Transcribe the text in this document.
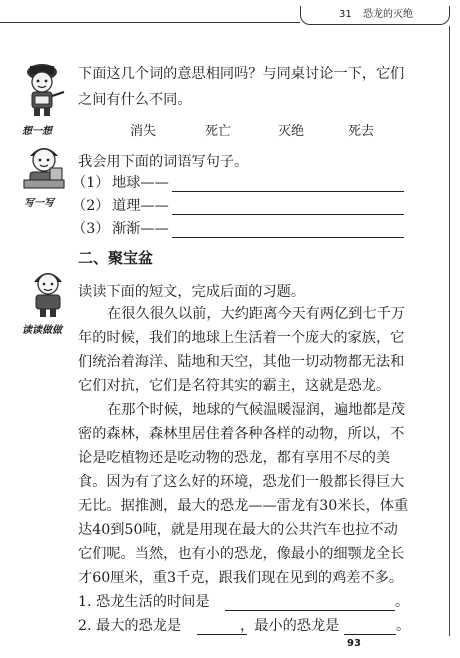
31 恐龙的灭绝
想一想
下面这几个词的意思相同吗？与同桌讨论一下，它们
之间有什么不同。
消失	死亡	灭绝	死去
写一写
我会用下面的词语写句子。
（1） 地球——
（2） 道理——
（3） 渐渐——
二、聚宝盆
读读做做
读读下面的短文，完成后面的习题。
在很久很久以前，大约距离今天有两亿到七千万
年的时候，我们的地球上生活着一个庞大的家族，它
们统治着海洋、陆地和天空，其他一切动物都无法和
它们对抗，它们是名符其实的霸主，这就是恐龙。
在那个时候，地球的气候温暖湿润，遍地都是茂
密的森林，森林里居住着各种各样的动物，所以，不
论是吃植物还是吃动物的恐龙，都有享用不尽的美
食。因为有了这么好的环境，恐龙们一般都长得巨大
无比。据推测，最大的恐龙——雷龙有30米长，体重
达40到50吨，就是用现在最大的公共汽车也拉不动
它们呢。当然，也有小的恐龙，像最小的细颚龙全长
才60厘米，重3千克，跟我们现在见到的鸡差不多。
1. 恐龙生活的时间是	。
2. 最大的恐龙是	，最小的恐龙是	。
93
